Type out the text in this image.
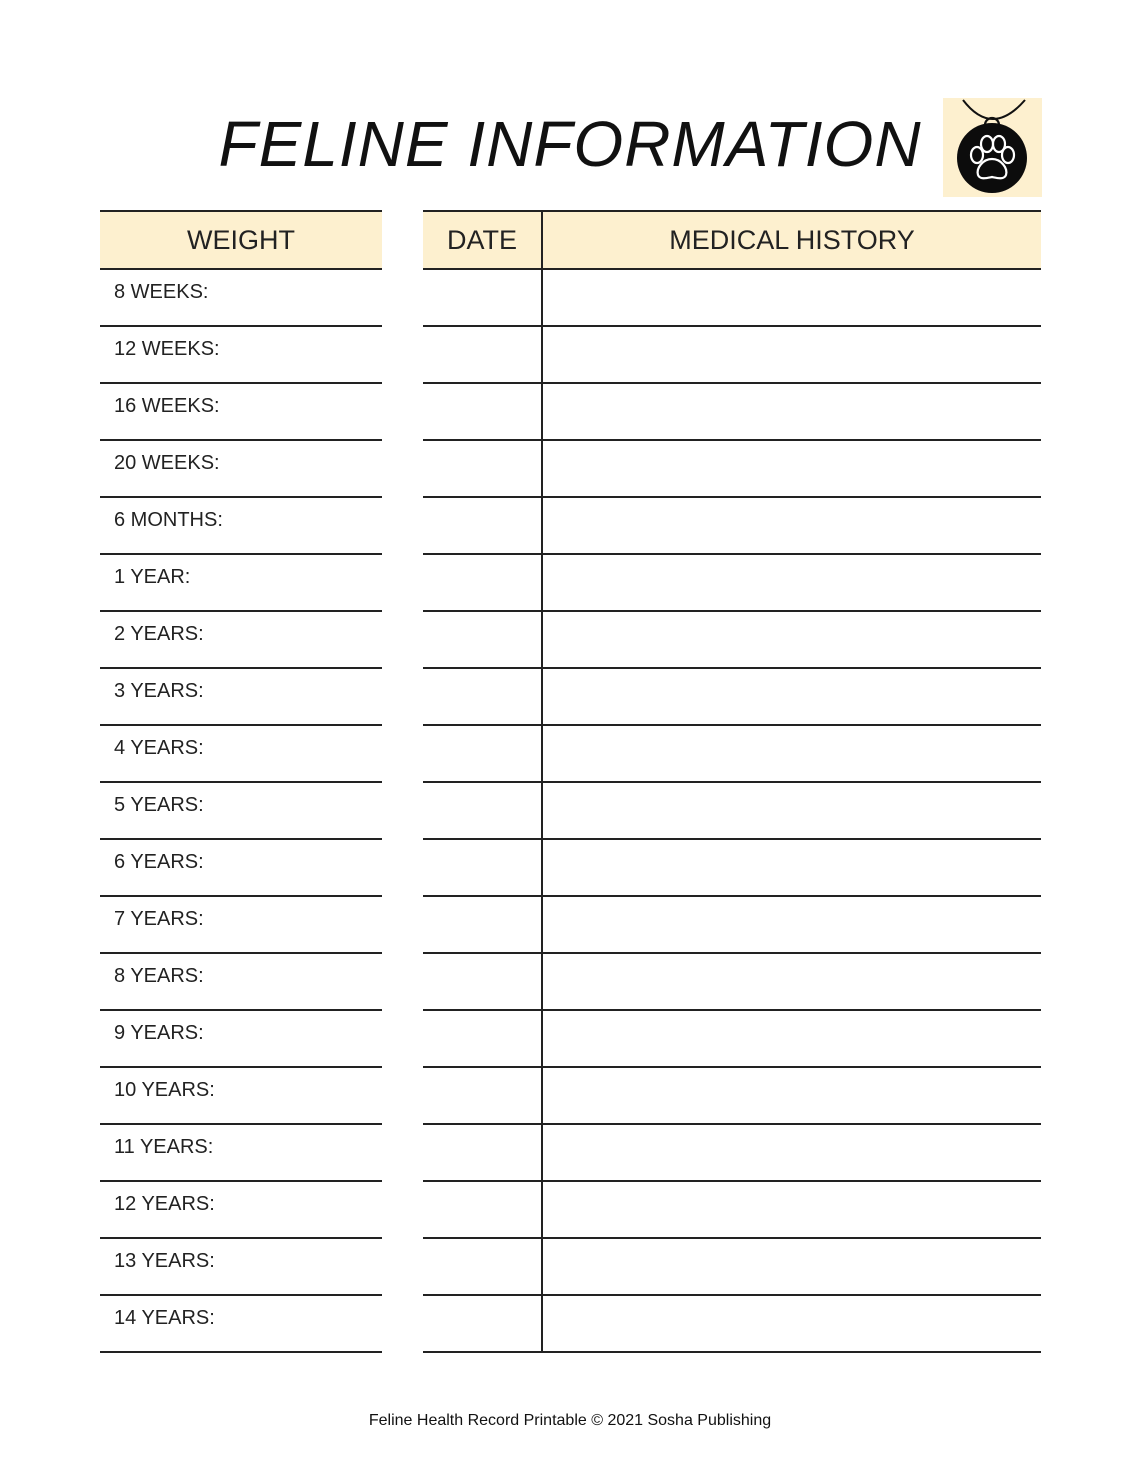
FELINE INFORMATION
WEIGHT
8 WEEKS:
12 WEEKS:
16 WEEKS:
20 WEEKS:
6 MONTHS:
1 YEAR:
2 YEARS:
3 YEARS:
4 YEARS:
5 YEARS:
6 YEARS:
7 YEARS:
8 YEARS:
9 YEARS:
10 YEARS:
11 YEARS:
12 YEARS:
13 YEARS:
14 YEARS:
DATE	MEDICAL HISTORY
Feline Health Record Printable © 2021 Sosha Publishing
